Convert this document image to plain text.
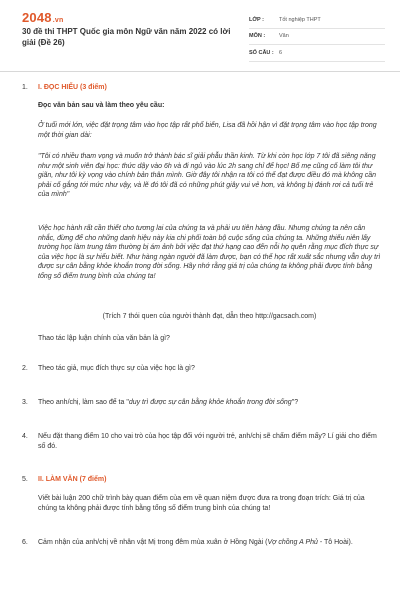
2048.vn
30 đề thi THPT Quốc gia môn Ngữ văn năm 2022 có lời giải (Đề 26)
LỚP :	Tốt nghiệp THPT
MÔN :	Văn
SỐ CÂU : 6
1. I. ĐỌC HIỂU (3 điểm)
Đọc văn bản sau và làm theo yêu cầu:
Ở tuổi mới lớn, việc đặt trọng tâm vào học tập rất phổ biến, Lisa đã hồi hận vì đặt trọng tâm vào học tập trong một thời gian dài:
"Tôi có nhiều tham vọng và muốn trở thành bác sĩ giải phẫu thần kinh. Từ khi còn học lớp 7 tôi đã siêng năng như một sinh viên đại học: thức dậy vào 6h và đi ngủ vào lúc 2h sang chỉ để học! Bố mẹ cũng cố làm tôi thư giãn, như tôi kỳ vọng vào chính bản thân mình. Giờ đây tôi nhận ra tôi có thể đạt được điều đó mà không cần phải cố gắng tới mức như vậy, và lẽ đó tôi đã có những phút giây vui vẻ hơn, và không bị đánh rơi cả tuổi trẻ của mình"
Việc học hành rất cần thiết cho tương lai của chúng ta và phải ưu tiên hàng đầu. Nhưng chúng ta nên cân nhắc, đừng để cho những danh hiệu này kia chi phối toàn bộ cuộc sống của chúng ta. Những thiếu niên lấy trường học làm trung tâm thường bị ám ảnh bởi việc đạt thứ hạng cao đến nỗi họ quên rằng mục đích thực sự của việc học là sự hiểu biết. Như hàng ngàn người đã làm được, bạn có thể học rất xuất sắc nhưng vẫn duy trì được sự cân bằng khỏe khoắn trong đời sống. Hãy nhớ rằng giá trị của chúng ta không phải được tính bằng tổng số điểm trung bình của chúng ta!
(Trích 7 thói quen của người thành đạt, dẫn theo http://gacsach.com)
Thao tác lập luận chính của văn bản là gì?
2. Theo tác giả, mục đích thực sự của việc học là gì?
3. Theo anh/chị, làm sao để ta "duy trì được sự cân bằng khỏe khoắn trong đời sống"?
4. Nếu đặt thang điểm 10 cho vai trò của học tập đối với người trẻ, anh/chị sẽ chấm điểm mấy? Lí giải cho điểm số đó.
5. II. LÀM VĂN (7 điểm)
Viết bài luận 200 chữ trình bày quan điểm của em về quan niệm được đưa ra trong đoạn trích: Giá trị của chúng ta không phải được tính bằng tổng số điểm trung bình của chúng ta!
6. Cảm nhận của anh/chị về nhân vật Mị trong đêm mùa xuân ở Hồng Ngài (Vợ chồng A Phủ - Tô Hoài).
